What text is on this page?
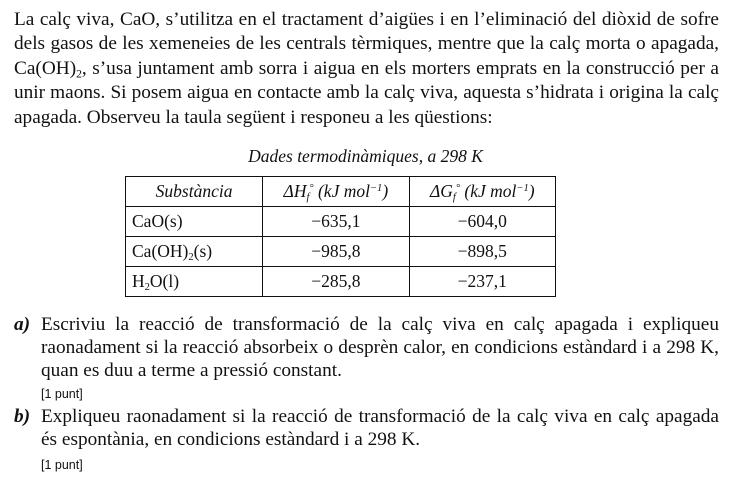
La calç viva, CaO, s’utilitza en el tractament d’aigües i en l’eliminació del diòxid de sofre dels gasos de les xemeneies de les centrals tèrmiques, mentre que la calç morta o apagada, $Ca(OH)_2$, s’usa juntament amb sorra i aigua en els morters emprats en la construcció per a unir maons. Si posem aigua en contacte amb la calç viva, aquesta s’hidrata i origina la calç apagada. Observeu la taula següent i responeu a les qüestions:

Dades termodinàmiques, a 298 K

Substància	$\Delta H_f^\circ$ (kJ mol$^{-1}$)	$\Delta G_f^\circ$ (kJ mol$^{-1}$)
CaO(s)	−635,1	−604,0
$Ca(OH)_2(s)$	−985,8	−898,5
$H_2O(l)$	−285,8	−237,1
a) Escriviu la reacció de transformació de la calç viva en calç apagada i expliqueu raonadament si la reacció absorbeix o desprèn calor, en condicions estàndard i a 298 K, quan es duu a terme a pressió constant.
[1 punt]
b) Expliqueu raonadament si la reacció de transformació de la calç viva en calç apagada és espontània, en condicions estàndard i a 298 K.
[1 punt]
